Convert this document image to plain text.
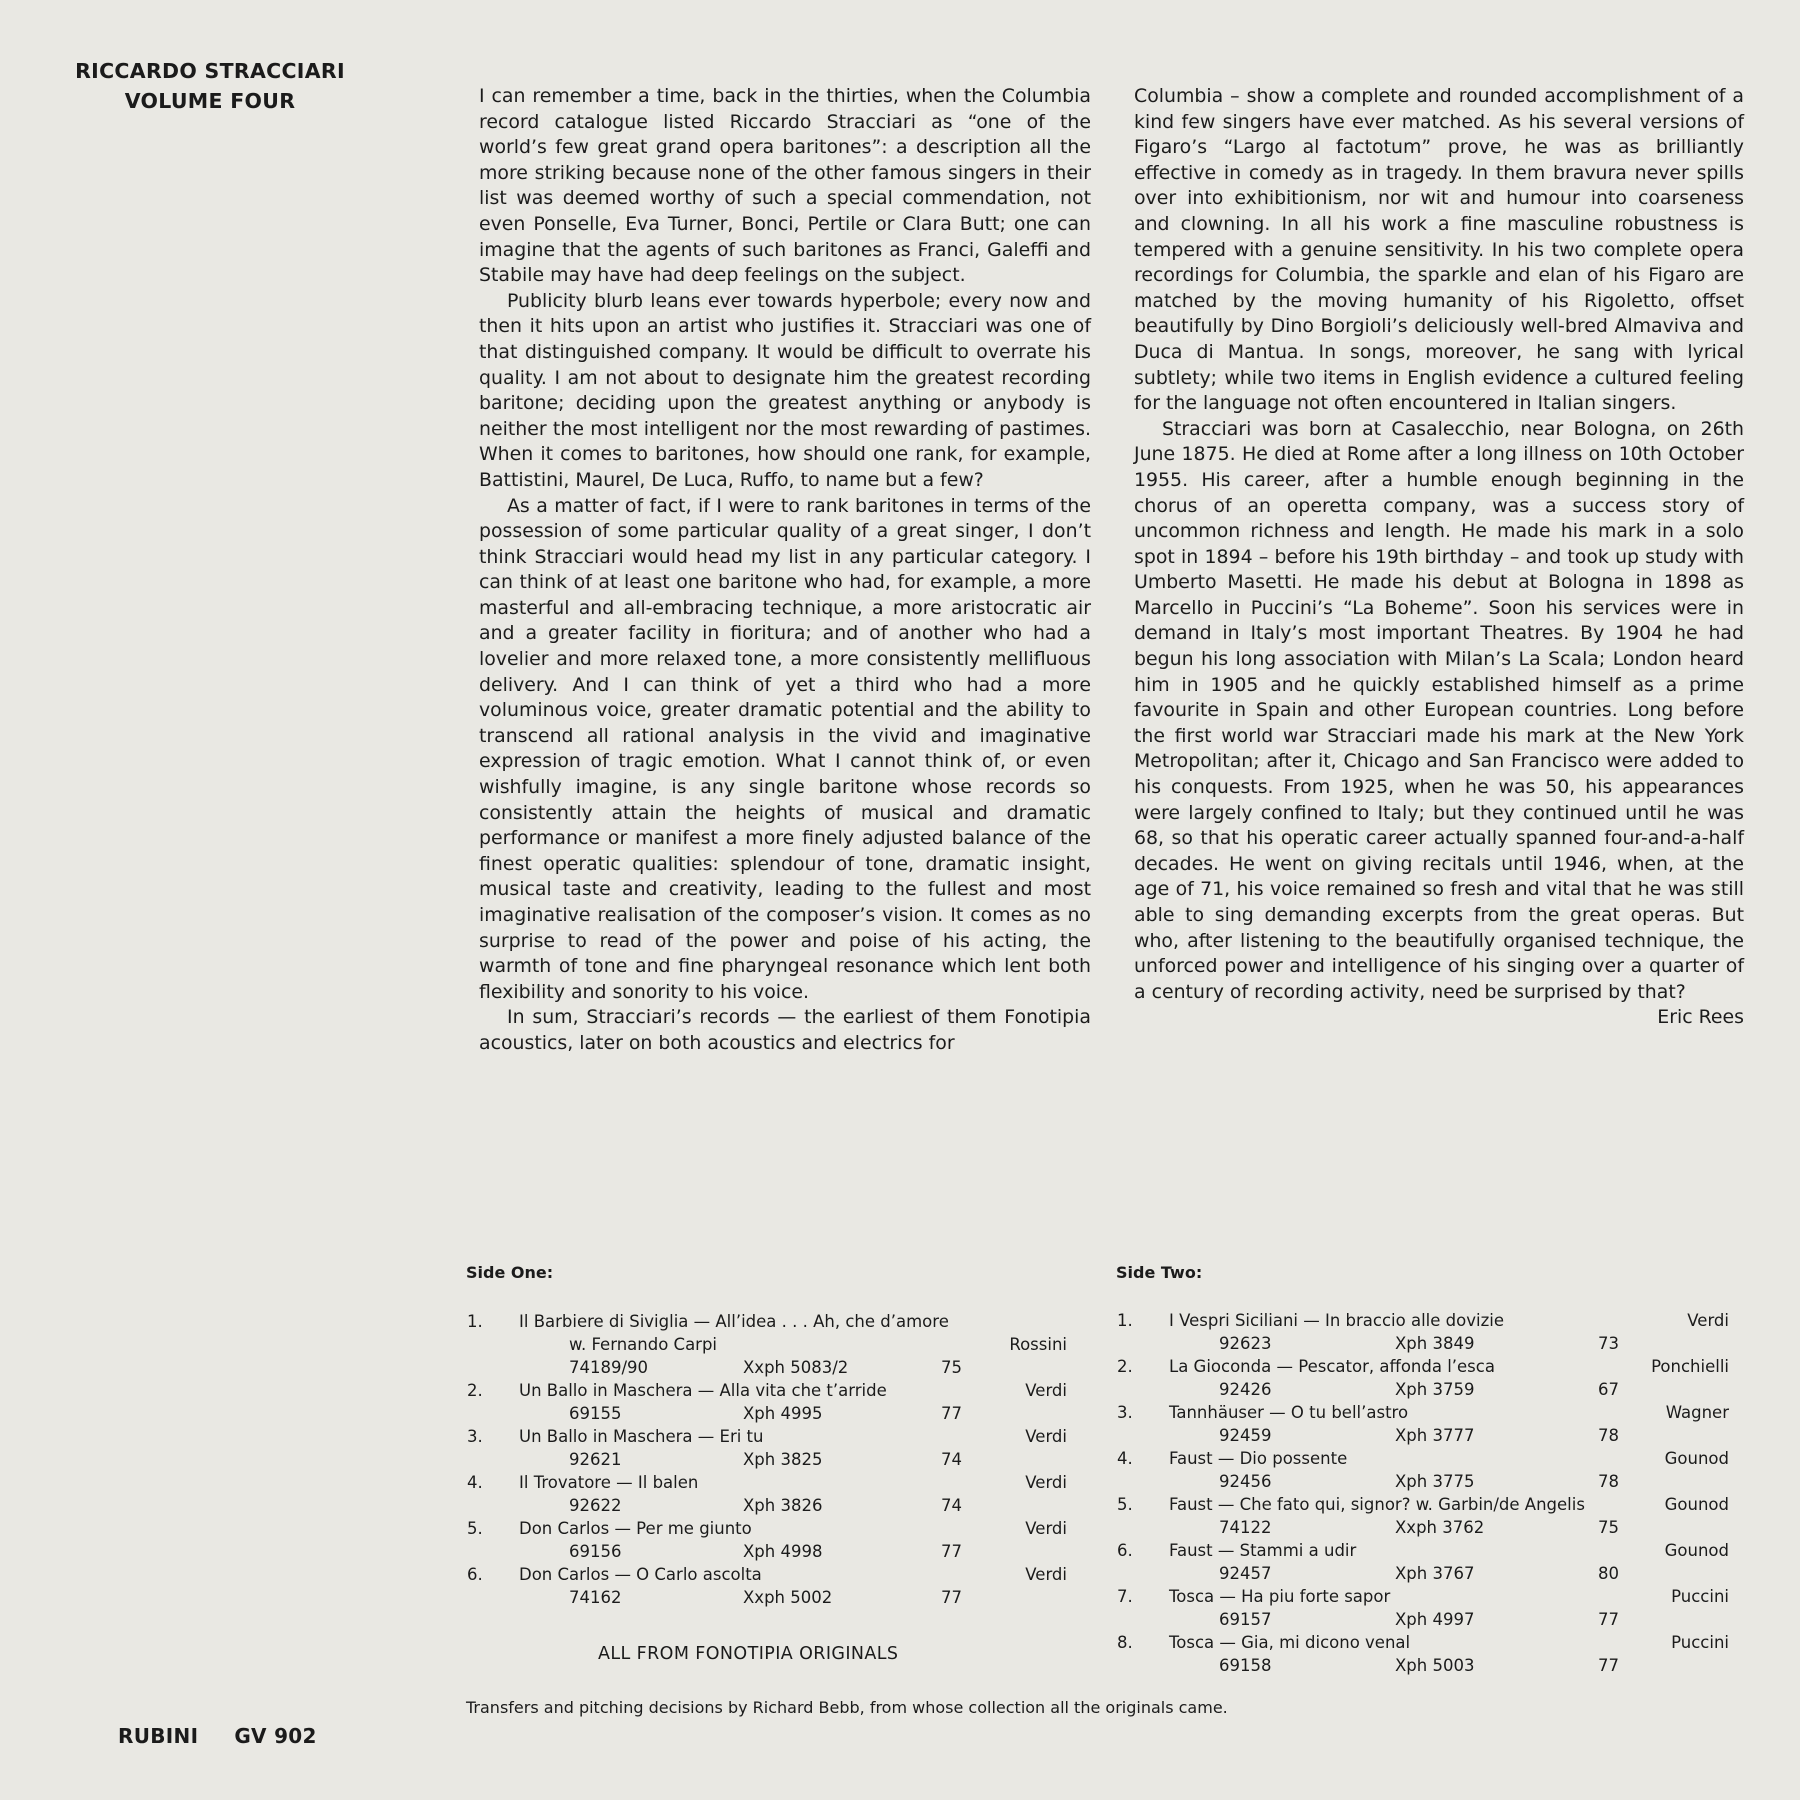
RICCARDO STRACCIARI
VOLUME FOUR	I can remember a time, back in the thirties, when the Columbia record catalogue listed Riccardo Stracciari as “one of the world’s few great grand opera baritones”: a description all the more striking because none of the other famous singers in their list was deemed worthy of such a special commendation, not even Ponselle, Eva Turner, Bonci, Pertile or Clara Butt; one can imagine that the agents of such baritones as Franci, Galeffi and Stabile may have had deep feelings on the subject.

Publicity blurb leans ever towards hyperbole; every now and then it hits upon an artist who justifies it. Stracciari was one of that distinguished company. It would be difficult to overrate his quality. I am not about to designate him the greatest recording baritone; deciding upon the greatest anything or anybody is neither the most intelligent nor the most rewarding of pastimes. When it comes to baritones, how should one rank, for example, Battistini, Maurel, De Luca, Ruffo, to name but a few?

As a matter of fact, if I were to rank baritones in terms of the possession of some particular quality of a great singer, I don’t think Stracciari would head my list in any particular category. I can think of at least one baritone who had, for example, a more masterful and all-embracing technique, a more aristocratic air and a greater facility in fioritura; and of another who had a lovelier and more relaxed tone, a more consistently mellifluous delivery. And I can think of yet a third who had a more voluminous voice, greater dramatic potential and the ability to transcend all rational analysis in the vivid and imaginative expression of tragic emotion. What I cannot think of, or even wishfully imagine, is any single baritone whose records so consistently attain the heights of musical and dramatic performance or manifest a more finely adjusted balance of the finest operatic qualities: splendour of tone, dramatic insight, musical taste and creativity, leading to the fullest and most imaginative realisation of the composer’s vision. It comes as no surprise to read of the power and poise of his acting, the warmth of tone and fine pharyngeal resonance which lent both flexibility and sonority to his voice.

In sum, Stracciari’s records — the earliest of them Fonotipia acoustics, later on both acoustics and electrics for

Columbia – show a complete and rounded accomplishment of a kind few singers have ever matched. As his several versions of Figaro’s “Largo al factotum” prove, he was as brilliantly effective in comedy as in tragedy. In them bravura never spills over into exhibitionism, nor wit and humour into coarseness and clowning. In all his work a fine masculine robustness is tempered with a genuine sensitivity. In his two complete opera recordings for Columbia, the sparkle and elan of his Figaro are matched by the moving humanity of his Rigoletto, offset beautifully by Dino Borgioli’s deliciously well-bred Almaviva and Duca di Mantua. In songs, moreover, he sang with lyrical subtlety; while two items in English evidence a cultured feeling for the language not often encountered in Italian singers.

Stracciari was born at Casalecchio, near Bologna, on 26th June 1875. He died at Rome after a long illness on 10th October 1955. His career, after a humble enough beginning in the chorus of an operetta company, was a success story of uncommon richness and length. He made his mark in a solo spot in 1894 – before his 19th birthday – and took up study with Umberto Masetti. He made his debut at Bologna in 1898 as Marcello in Puccini’s “La Boheme”. Soon his services were in demand in Italy’s most important Theatres. By 1904 he had begun his long association with Milan’s La Scala; London heard him in 1905 and he quickly established himself as a prime favourite in Spain and other European countries. Long before the first world war Stracciari made his mark at the New York Metropolitan; after it, Chicago and San Francisco were added to his conquests. From 1925, when he was 50, his appearances were largely confined to Italy; but they continued until he was 68, so that his operatic career actually spanned four-and-a-half decades. He went on giving recitals until 1946, when, at the age of 71, his voice remained so fresh and vital that he was still able to sing demanding excerpts from the great operas. But who, after listening to the beautifully organised technique, the unforced power and intelligence of his singing over a quarter of a century of recording activity, need be surprised by that?

Eric Rees
Side One:	Side Two:
1. Il Barbiere di Siviglia — All’idea . . . Ah, che d’amore
w. Fernando Carpi	Rossini
74189/90	Xxph 5083/2	75
2. Un Ballo in Maschera — Alla vita che t’arride	Verdi
69155	Xph 4995	77
3. Un Ballo in Maschera — Eri tu	Verdi
92621	Xph 3825	74
4. Il Trovatore — Il balen	Verdi
92622	Xph 3826	74
5. Don Carlos — Per me giunto	Verdi
69156	Xph 4998	77
6. Don Carlos — O Carlo ascolta	Verdi
74162	Xxph 5002	77
1. I Vespri Siciliani — In braccio alle dovizie	Verdi
92623	Xph 3849	73
2. La Gioconda — Pescator, affonda l’esca	Ponchielli
92426	Xph 3759	67
3. Tannhäuser — O tu bell’astro	Wagner
92459	Xph 3777	78
4. Faust — Dio possente	Gounod
92456	Xph 3775	78
5. Faust — Che fato qui, signor? w. Garbin/de Angelis	Gounod
74122	Xxph 3762	75
6. Faust — Stammi a udir	Gounod
92457	Xph 3767	80
7. Tosca — Ha piu forte sapor	Puccini
69157	Xph 4997	77
8. Tosca — Gia, mi dicono venal	Puccini
69158	Xph 5003	77
ALL FROM FONOTIPIA ORIGINALS
Transfers and pitching decisions by Richard Bebb, from whose collection all the originals came.
RUBINI GV 902
